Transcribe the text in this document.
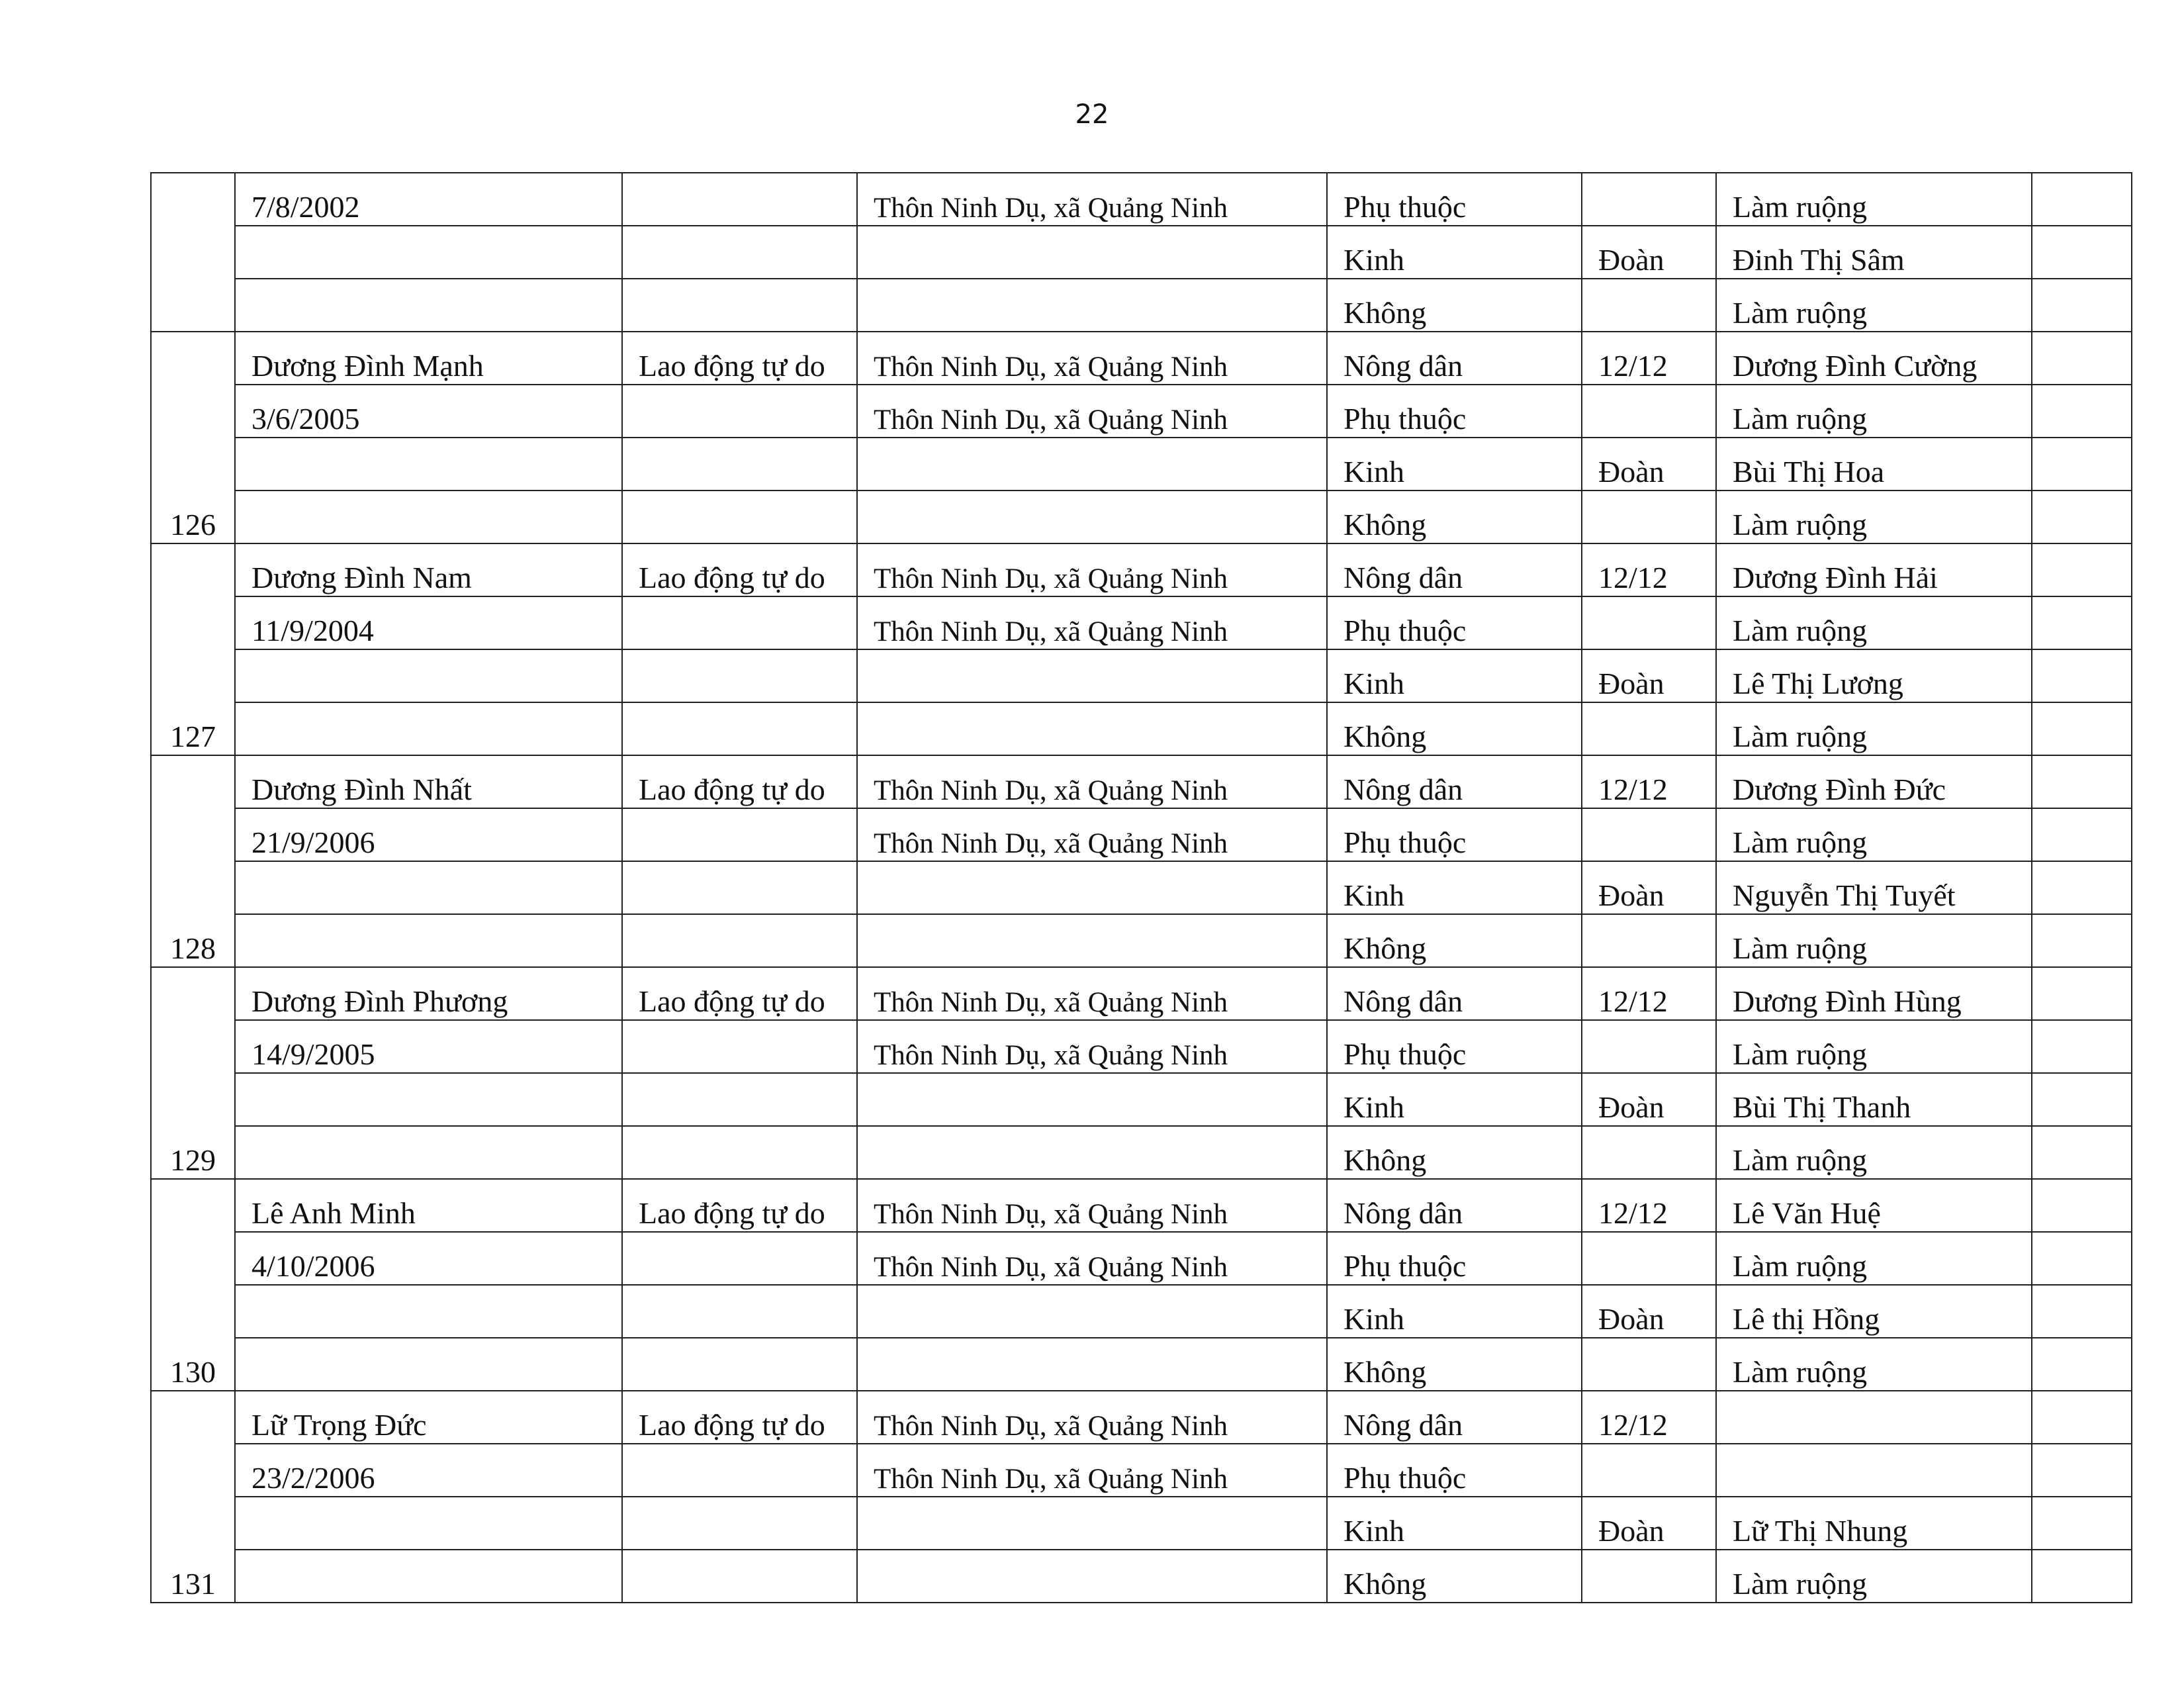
22
	7/8/2002		Thôn Ninh Dụ, xã Quảng Ninh	Phụ thuộc		Làm ruộng	
				Kinh	Đoàn	Đinh Thị Sâm	
				Không		Làm ruộng	
126	Dương Đình Mạnh	Lao động tự do	Thôn Ninh Dụ, xã Quảng Ninh	Nông dân	12/12	Dương Đình Cường	
	3/6/2005		Thôn Ninh Dụ, xã Quảng Ninh	Phụ thuộc		Làm ruộng	
				Kinh	Đoàn	Bùi Thị Hoa	
				Không		Làm ruộng	
127	Dương Đình Nam	Lao động tự do	Thôn Ninh Dụ, xã Quảng Ninh	Nông dân	12/12	Dương Đình Hải	
	11/9/2004		Thôn Ninh Dụ, xã Quảng Ninh	Phụ thuộc		Làm ruộng	
				Kinh	Đoàn	Lê Thị Lương	
				Không		Làm ruộng	
128	Dương Đình Nhất	Lao động tự do	Thôn Ninh Dụ, xã Quảng Ninh	Nông dân	12/12	Dương Đình Đức	
	21/9/2006		Thôn Ninh Dụ, xã Quảng Ninh	Phụ thuộc		Làm ruộng	
				Kinh	Đoàn	Nguyễn Thị Tuyết	
				Không		Làm ruộng	
129	Dương Đình Phương	Lao động tự do	Thôn Ninh Dụ, xã Quảng Ninh	Nông dân	12/12	Dương Đình Hùng	
	14/9/2005		Thôn Ninh Dụ, xã Quảng Ninh	Phụ thuộc		Làm ruộng	
				Kinh	Đoàn	Bùi Thị Thanh	
				Không		Làm ruộng	
130	Lê Anh Minh	Lao động tự do	Thôn Ninh Dụ, xã Quảng Ninh	Nông dân	12/12	Lê Văn Huệ	
	4/10/2006		Thôn Ninh Dụ, xã Quảng Ninh	Phụ thuộc		Làm ruộng	
				Kinh	Đoàn	Lê thị Hồng	
				Không		Làm ruộng	
131	Lữ Trọng Đức	Lao động tự do	Thôn Ninh Dụ, xã Quảng Ninh	Nông dân	12/12		
	23/2/2006		Thôn Ninh Dụ, xã Quảng Ninh	Phụ thuộc			
				Kinh	Đoàn	Lữ Thị Nhung	
				Không		Làm ruộng	
